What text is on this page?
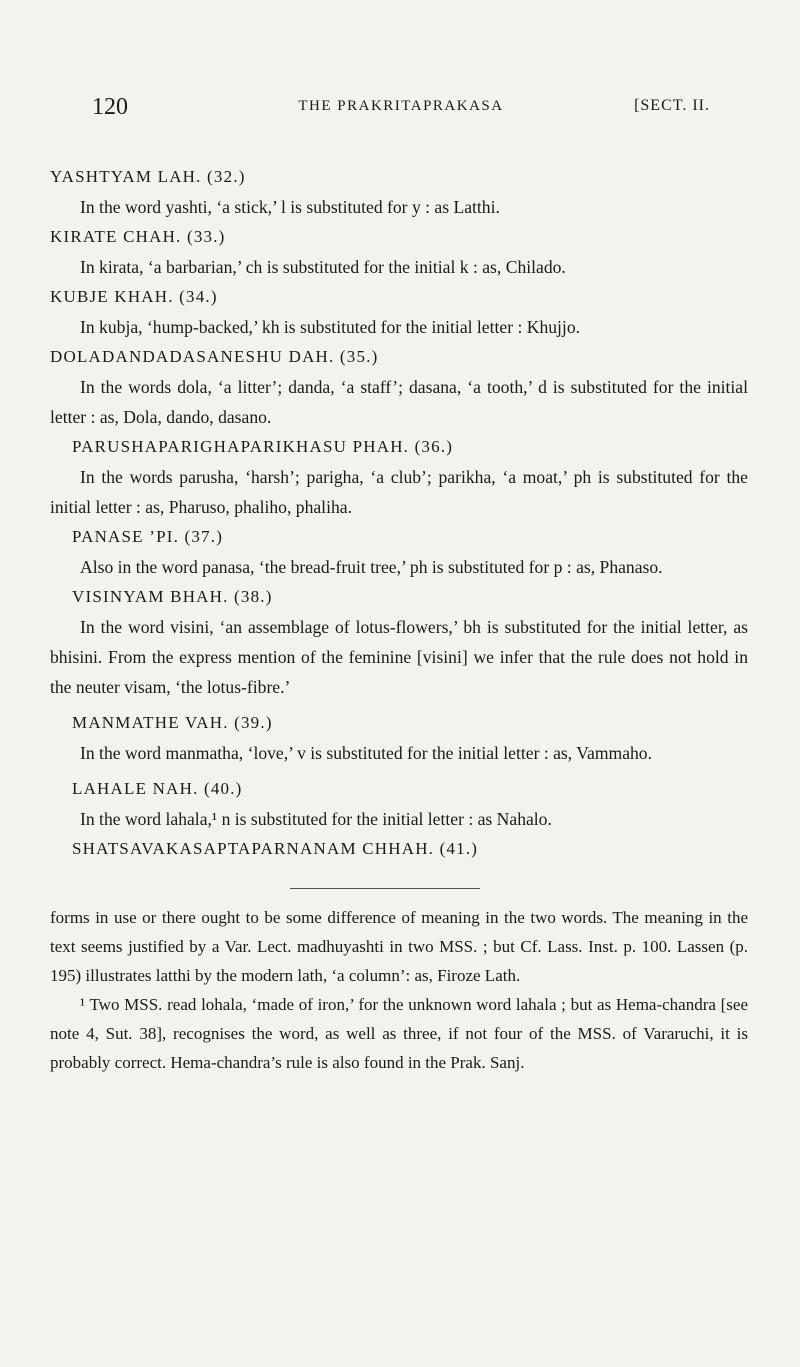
120	THE PRAKRITAPRAKASA	[SECT. II.

YASHTYAM LAH. (32.)

In the word yashti, ‘a stick,’ l is substituted for y : as Latthi.

KIRATE CHAH. (33.)

In kirata, ‘a barbarian,’ ch is substituted for the initial k : as, Chilado.

KUBJE KHAH. (34.)

In kubja, ‘hump-backed,’ kh is substituted for the initial letter : Khujjo.

DOLADANDADASANESHU DAH. (35.)

In the words dola, ‘a litter’; danda, ‘a staff’; dasana, ‘a tooth,’ d is substituted for the initial letter : as, Dola, dando, dasano.

PARUSHAPARIGHAPARIKHASU PHAH. (36.)

In the words parusha, ‘harsh’; parigha, ‘a club’; parikha, ‘a moat,’ ph is substituted for the initial letter : as, Pharuso, phaliho, phaliha.

PANASE ’PI. (37.)

Also in the word panasa, ‘the bread-fruit tree,’ ph is substituted for p : as, Phanaso.

VISINYAM BHAH. (38.)

In the word visini, ‘an assemblage of lotus-flowers,’ bh is substituted for the initial letter, as bhisini. From the express mention of the feminine [visini] we infer that the rule does not hold in the neuter visam, ‘the lotus-fibre.’

MANMATHE VAH. (39.)

In the word manmatha, ‘love,’ v is substituted for the initial letter : as, Vammaho.

LAHALE NAH. (40.)

In the word lahala,¹ n is substituted for the initial letter : as Nahalo.

SHATSAVAKASAPTAPARNANAM CHHAH. (41.)

forms in use or there ought to be some difference of meaning in the two words. The meaning in the text seems justified by a Var. Lect. madhuyashti in two MSS. ; but Cf. Lass. Inst. p. 100. Lassen (p. 195) illustrates latthi by the modern lath, ‘a column’: as, Firoze Lath.

¹ Two MSS. read lohala, ‘made of iron,’ for the unknown word lahala ; but as Hema-chandra [see note 4, Sut. 38], recognises the word, as well as three, if not four of the MSS. of Vararuchi, it is probably correct. Hema-chandra’s rule is also found in the Prak. Sanj.
